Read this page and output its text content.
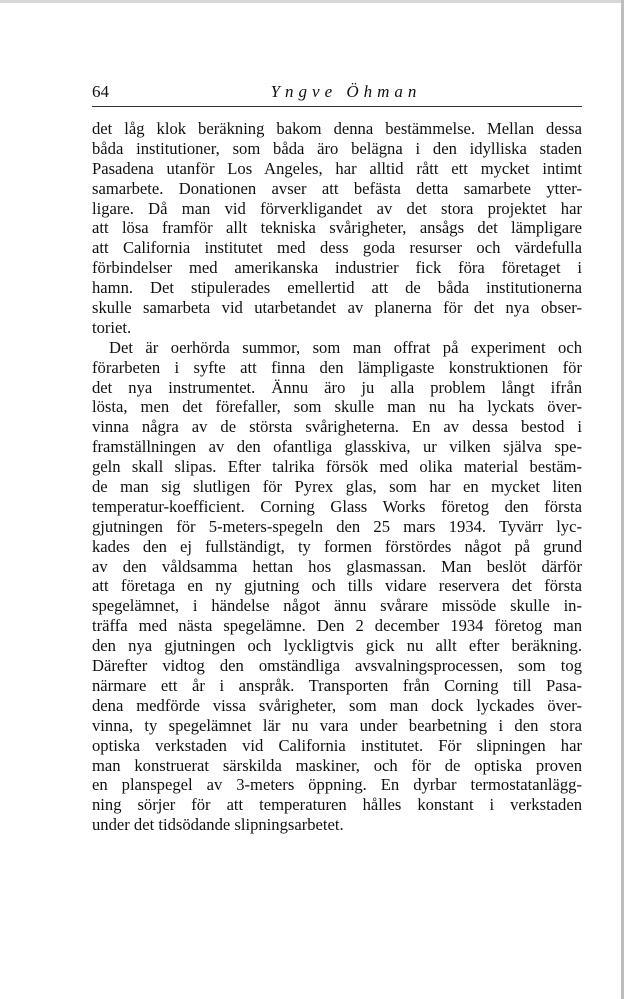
64	Yngve Öhman
det låg klok beräkning bakom denna bestämmelse. Mellan dessa
båda institutioner, som båda äro belägna i den idylliska staden
Pasadena utanför Los Angeles, har alltid rått ett mycket intimt
samarbete. Donationen avser att befästa detta samarbete ytter-
ligare. Då man vid förverkligandet av det stora projektet har
att lösa framför allt tekniska svårigheter, ansågs det lämpligare
att California institutet med dess goda resurser och värdefulla
förbindelser med amerikanska industrier fick föra företaget i
hamn. Det stipulerades emellertid att de båda institutionerna
skulle samarbeta vid utarbetandet av planerna för det nya obser-
toriet.
Det är oerhörda summor, som man offrat på experiment och
förarbeten i syfte att finna den lämpligaste konstruktionen för
det nya instrumentet. Ännu äro ju alla problem långt ifrån
lösta, men det förefaller, som skulle man nu ha lyckats över-
vinna några av de största svårigheterna. En av dessa bestod i
framställningen av den ofantliga glasskiva, ur vilken själva spe-
geln skall slipas. Efter talrika försök med olika material bestäm-
de man sig slutligen för Pyrex glas, som har en mycket liten
temperatur-koefficient. Corning Glass Works företog den första
gjutningen för 5-meters-spegeln den 25 mars 1934. Tyvärr lyc-
kades den ej fullständigt, ty formen förstördes något på grund
av den våldsamma hettan hos glasmassan. Man beslöt därför
att företaga en ny gjutning och tills vidare reservera det första
spegelämnet, i händelse något ännu svårare missöde skulle in-
träffa med nästa spegelämne. Den 2 december 1934 företog man
den nya gjutningen och lyckligtvis gick nu allt efter beräkning.
Därefter vidtog den omständliga avsvalningsprocessen, som tog
närmare ett år i anspråk. Transporten från Corning till Pasa-
dena medförde vissa svårigheter, som man dock lyckades över-
vinna, ty spegelämnet lär nu vara under bearbetning i den stora
optiska verkstaden vid California institutet. För slipningen har
man konstruerat särskilda maskiner, och för de optiska proven
en planspegel av 3-meters öppning. En dyrbar termostatanlägg-
ning sörjer för att temperaturen hålles konstant i verkstaden
under det tidsödande slipningsarbetet.
